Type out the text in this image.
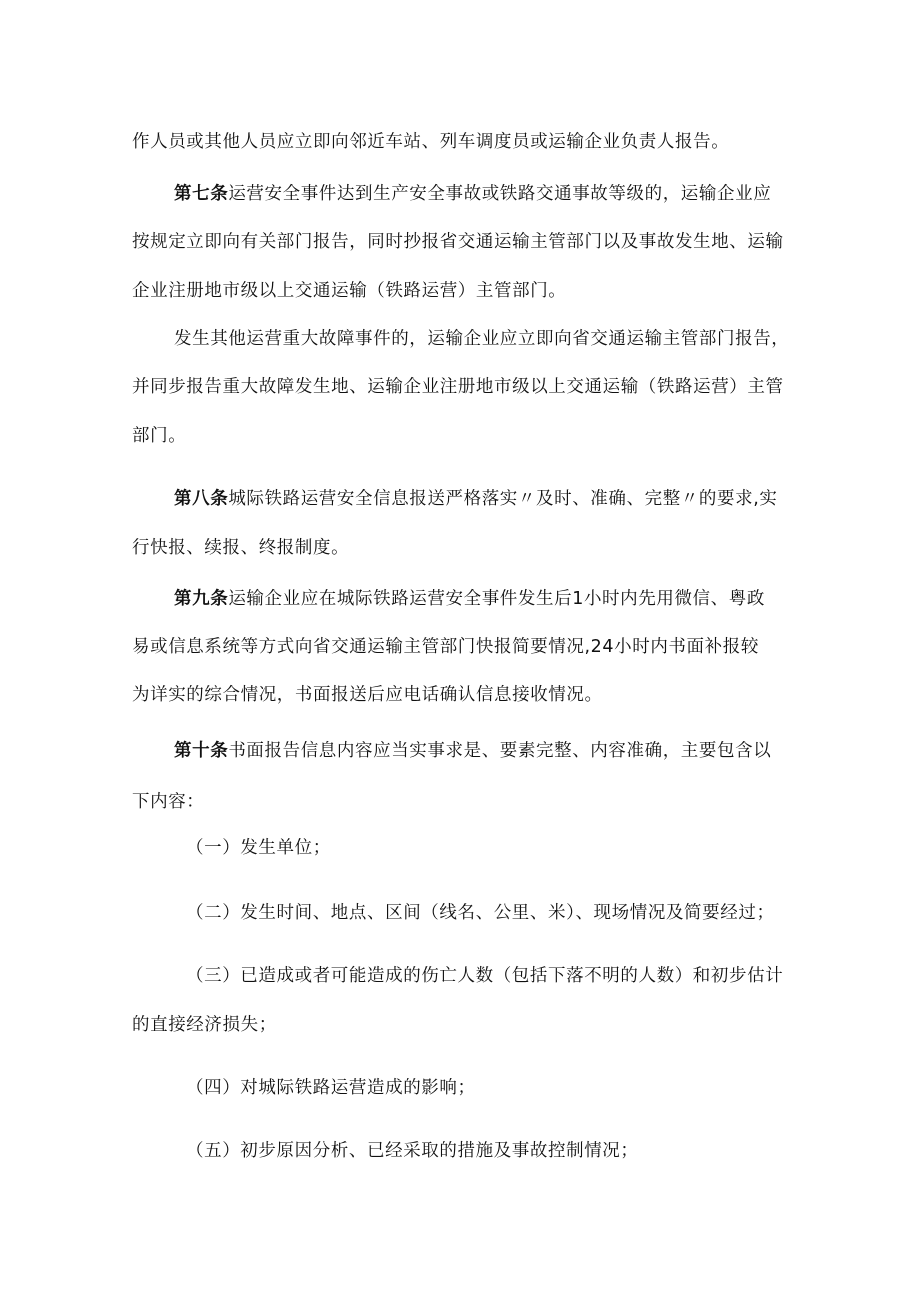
作人员或其他人员应立即向邻近车站、列车调度员或运输企业负责人报告。
第七条运营安全事件达到生产安全事故或铁路交通事故等级的，运输企业应
按规定立即向有关部门报告，同时抄报省交通运输主管部门以及事故发生地、运输
企业注册地市级以上交通运输（铁路运营）主管部门。
发生其他运营重大故障事件的，运输企业应立即向省交通运输主管部门报告，
并同步报告重大故障发生地、运输企业注册地市级以上交通运输（铁路运营）主管
部门。
第八条城际铁路运营安全信息报送严格落实〃及时、准确、完整〃的要求,实
行快报、续报、终报制度。
第九条运输企业应在城际铁路运营安全事件发生后1小时内先用微信、粤政
易或信息系统等方式向省交通运输主管部门快报简要情况,24小时内书面补报较
为详实的综合情况，书面报送后应电话确认信息接收情况。
第十条书面报告信息内容应当实事求是、要素完整、内容准确，主要包含以
下内容：
（一）发生单位；
（二）发生时间、地点、区间（线名、公里、米）、现场情况及简要经过；
（三）已造成或者可能造成的伤亡人数（包括下落不明的人数）和初步估计
的直接经济损失；
（四）对城际铁路运营造成的影响；
（五）初步原因分析、已经采取的措施及事故控制情况；
